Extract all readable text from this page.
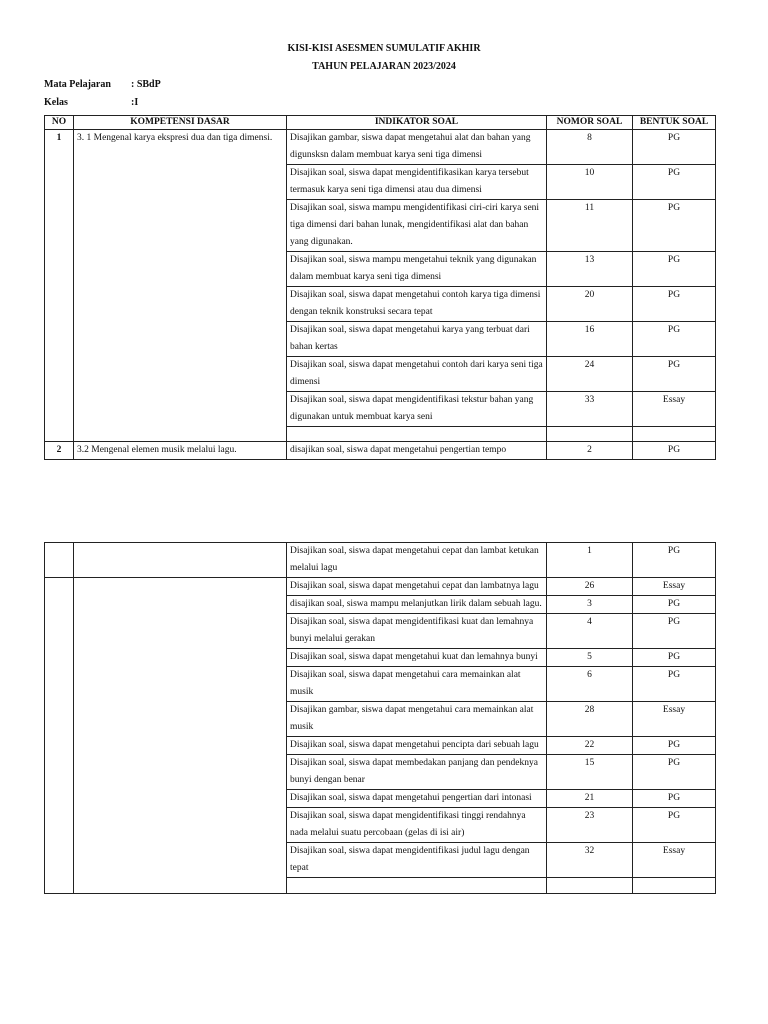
KISI-KISI ASESMEN SUMULATIF AKHIR
TAHUN PELAJARAN 2023/2024
Mata Pelajaran : SBdP
Kelas	:I
NO	KOMPETENSI DASAR	INDIKATOR SOAL	NOMOR SOAL	BENTUK SOAL
1	3. 1 Mengenal karya ekspresi dua dan tiga dimensi.	Disajikan gambar, siswa dapat mengetahui alat dan bahan yang digunsksn dalam membuat karya seni tiga dimensi	8	PG
		Disajikan soal, siswa dapat mengidentifikasikan karya tersebut termasuk karya seni tiga dimensi atau dua dimensi	10	PG
		Disajikan soal, siswa mampu mengidentifikasi ciri-ciri karya seni tiga dimensi dari bahan lunak, mengidentifikasi alat dan bahan yang digunakan.	11	PG
		Disajikan soal, siswa mampu mengetahui teknik yang digunakan dalam membuat karya seni tiga dimensi	13	PG
		Disajikan soal, siswa dapat mengetahui contoh karya tiga dimensi dengan teknik konstruksi secara tepat	20	PG
		Disajikan soal, siswa dapat mengetahui karya yang terbuat dari bahan kertas	16	PG
		Disajikan soal, siswa dapat mengetahui contoh dari karya seni tiga dimensi	24	PG
		Disajikan soal, siswa dapat mengidentifikasi tekstur bahan yang digunakan untuk membuat karya seni	33	Essay

2	3.2 Mengenal elemen musik melalui lagu.	disajikan soal, siswa dapat mengetahui pengertian tempo	2	PG
		Disajikan soal, siswa dapat mengetahui cepat dan lambat ketukan melalui lagu	1	PG
		Disajikan soal, siswa dapat mengetahui cepat dan lambatnya lagu	26	Essay
		disajikan soal, siswa mampu melanjutkan lirik dalam sebuah lagu.	3	PG
		Disajikan soal, siswa dapat mengidentifikasi kuat dan lemahnya bunyi melalui gerakan	4	PG
		Disajikan soal, siswa dapat mengetahui kuat dan lemahnya bunyi	5	PG
		Disajikan soal, siswa dapat mengetahui cara memainkan alat musik	6	PG
		Disajikan gambar, siswa dapat mengetahui cara memainkan alat musik	28	Essay
		Disajikan soal, siswa dapat mengetahui pencipta dari sebuah lagu	22	PG
		Disajikan soal, siswa dapat membedakan panjang dan pendeknya bunyi dengan benar	15	PG
		Disajikan soal, siswa dapat mengetahui pengertian dari intonasi	21	PG
		Disajikan soal, siswa dapat mengidentifikasi tinggi rendahnya nada melalui suatu percobaan (gelas di isi air)	23	PG
		Disajikan soal, siswa dapat mengidentifikasi judul lagu dengan tepat	32	Essay
